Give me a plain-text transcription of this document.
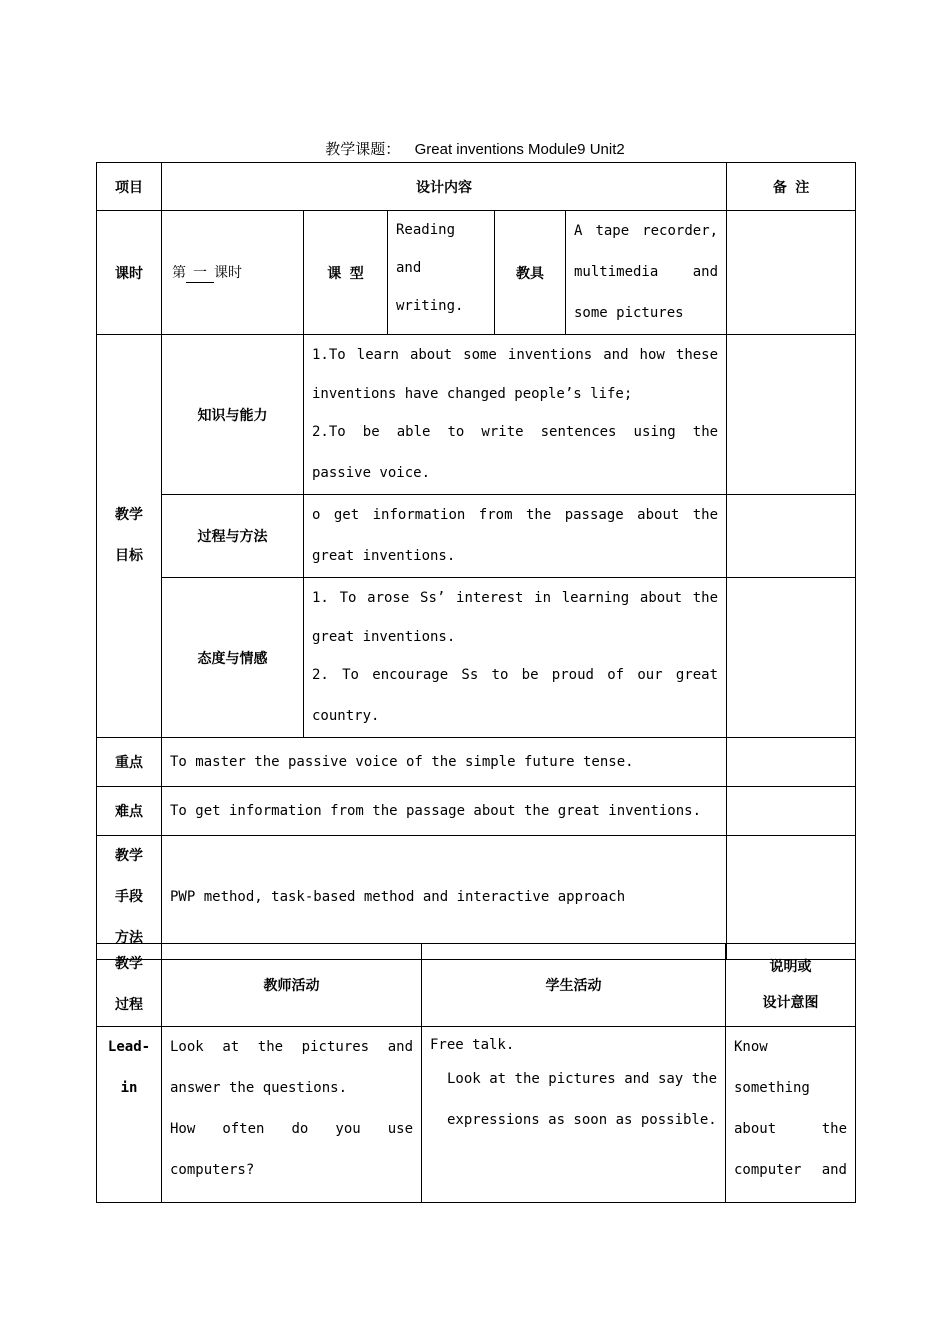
教学课题： Great inventions Module9 Unit2
项目	设计内容					备 注
课时	第 一 课时	课 型	Reading
and
writing.	教具	A tape recorder,
multimedia and
some pictures	

教学
目标	知识与能力	1.To learn about some inventions and how these
inventions have changed people’s life;
2.To be able to write sentences using the
passive voice.				

	过程与方法	o get information from the passage about the
great inventions.				

	态度与情感	1. To arose Ss’ interest in learning about the
great inventions.
2. To encourage Ss to be proud of our great
country.				

重点	To master the passive voice of the simple future tense.					
难点	To get information from the passage about the great inventions.					

教学
手段
方法	PWP method, task-based method and interactive approach					
教学
过程	教师活动	学生活动	说明或
设计意图

Lead-
in	Look at the pictures and
answer the questions.
How often do you use
computers?	Free talk.
Look at the pictures and say the
expressions as soon as possible.	Know
something
about the
computer and
